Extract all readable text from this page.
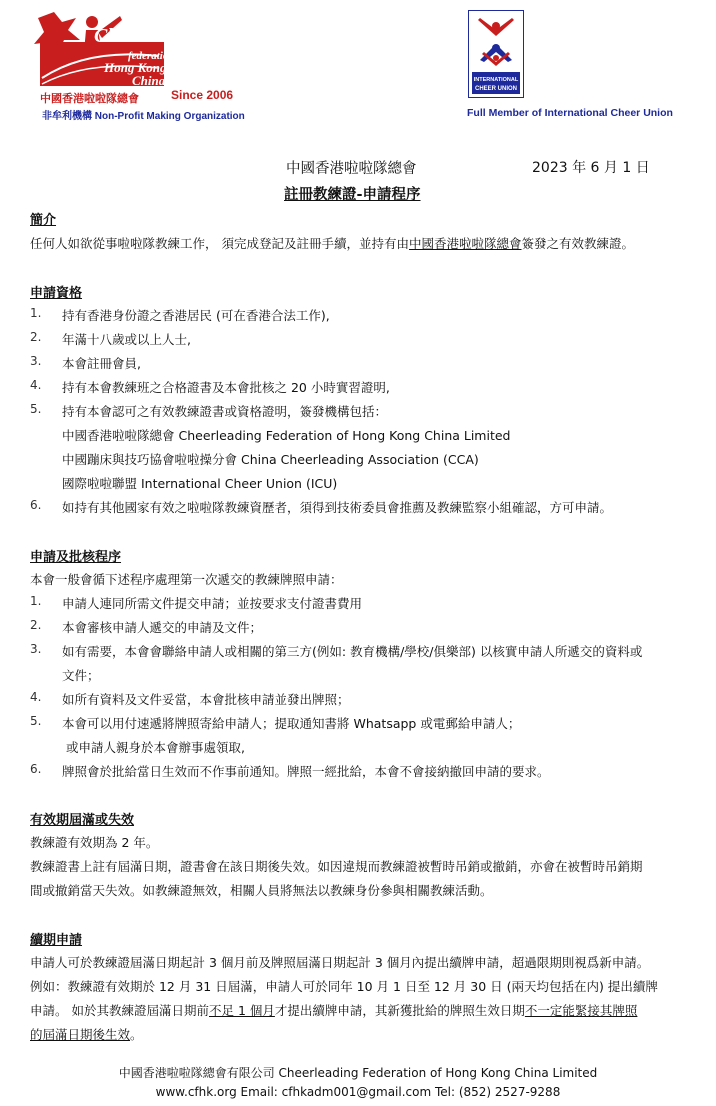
Cheerleading
federation
Hong Kong
China
中國香港啦啦隊總會	Since 2006
非牟利機構 Non-Profit Making Organization
INTERNATIONAL
CHEER UNION
Full Member of International Cheer Union
中國香港啦啦隊總會	2023 年 6 月 1 日
註冊教練證-申請程序
簡介
任何人如欲從事啦啦隊教練工作， 須完成登記及註冊手續，並持有由中國香港啦啦隊總會簽發之有效教練證。
申請資格
1.	持有香港身份證之香港居民 (可在香港合法工作),
2.	年滿十八歲或以上人士,
3.	本會註冊會員,
4.	持有本會教練班之合格證書及本會批核之 20 小時實習證明,
5.	持有本會認可之有效教練證書或資格證明，簽發機構包括：
中國香港啦啦隊總會 Cheerleading Federation of Hong Kong China Limited
中國蹦床與技巧協會啦啦操分會 China Cheerleading Association (CCA)
國際啦啦聯盟 International Cheer Union (ICU)
6.	如持有其他國家有效之啦啦隊教練資歷者，須得到技術委員會推薦及教練監察小組確認，方可申請。
申請及批核程序
本會一般會循下述程序處理第一次遞交的教練牌照申請：
1.	申請人連同所需文件提交申請；並按要求支付證書費用
2.	本會審核申請人遞交的申請及文件；
3.	如有需要，本會會聯絡申請人或相關的第三方(例如: 教育機構/學校/俱樂部) 以核實申請人所遞交的資料或
文件；
4.	如所有資料及文件妥當，本會批核申請並發出牌照；
5.	本會可以用付速遞將牌照寄給申請人；提取通知書將 Whatsapp 或電郵給申請人；
或申請人親身於本會辦事處領取,
6.	牌照會於批給當日生效而不作事前通知。牌照一經批給，本會不會接納撤回申請的要求。
有效期屆滿或失效
教練證有效期為 2 年。
教練證書上註有屆滿日期，證書會在該日期後失效。如因違規而教練證被暫時吊銷或撤銷，亦會在被暫時吊銷期
間或撤銷當天失效。如教練證無效，相關人員將無法以教練身份參與相關教練活動。
續期申請
申請人可於教練證屆滿日期起計 3 個月前及牌照屆滿日期起計 3 個月內提出續牌申請，超過限期則視爲新申請。
例如：教練證有效期於 12 月 31 日屆滿，申請人可於同年 10 月 1 日至 12 月 30 日 (兩天均包括在内) 提出續牌
申請。 如於其教練證屆滿日期前不足 1 個月才提出續牌申請，其新獲批給的牌照生效日期不一定能緊接其牌照
的屆滿日期後生效。
中國香港啦啦隊總會有限公司 Cheerleading Federation of Hong Kong China Limited
www.cfhk.org Email: cfhkadm001@gmail.com Tel: (852) 2527-9288
